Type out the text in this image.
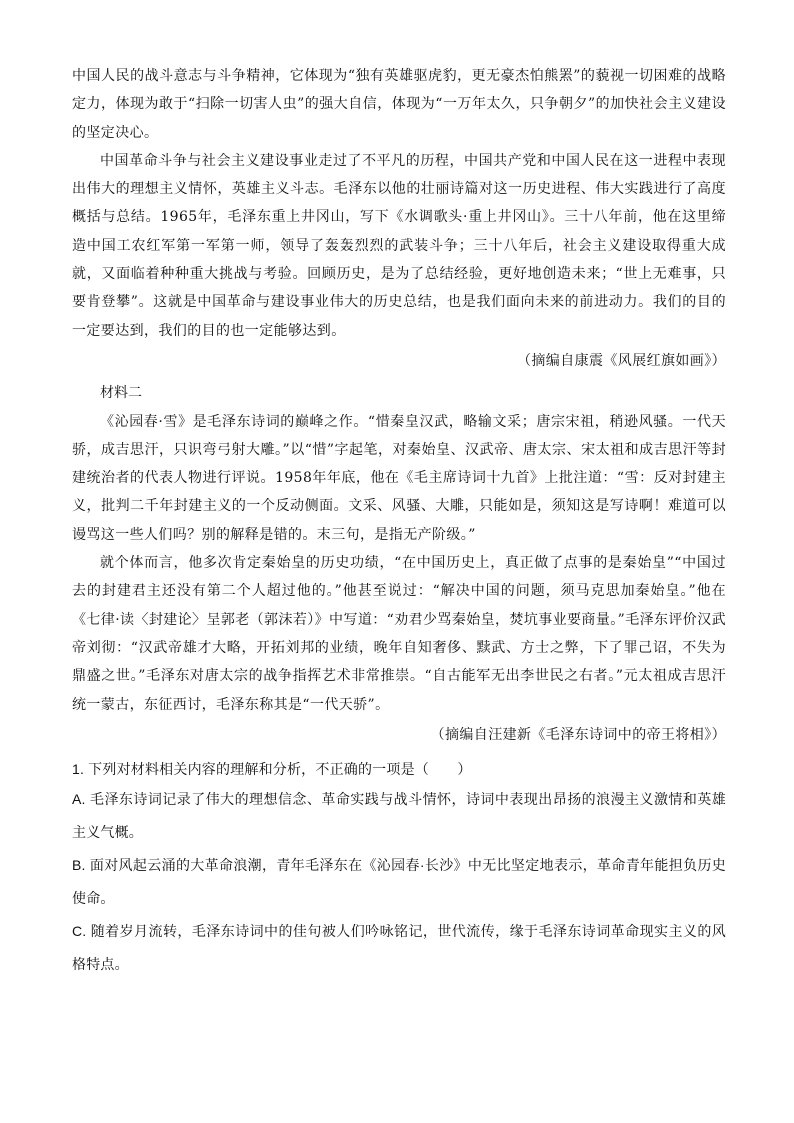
中国人民的战斗意志与斗争精神，它体现为“独有英雄驱虎豹，更无豪杰怕熊罴”的藐视一切困难的战略定力，体现为敢于“扫除一切害人虫”的强大自信，体现为“一万年太久，只争朝夕”的加快社会主义建设的坚定决心。

中国革命斗争与社会主义建设事业走过了不平凡的历程，中国共产党和中国人民在这一进程中表现出伟大的理想主义情怀，英雄主义斗志。毛泽东以他的壮丽诗篇对这一历史进程、伟大实践进行了高度概括与总结。1965年，毛泽东重上井冈山，写下《水调歌头·重上井冈山》。三十八年前，他在这里缔造中国工农红军第一军第一师，领导了轰轰烈烈的武装斗争；三十八年后，社会主义建设取得重大成就，又面临着种种重大挑战与考验。回顾历史，是为了总结经验，更好地创造未来；“世上无难事，只要肯登攀”。这就是中国革命与建设事业伟大的历史总结，也是我们面向未来的前进动力。我们的目的一定要达到，我们的目的也一定能够达到。

（摘编自康震《风展红旗如画》）

材料二

《沁园春·雪》是毛泽东诗词的巅峰之作。“惜秦皇汉武，略输文采；唐宗宋祖，稍逊风骚。一代天骄，成吉思汗，只识弯弓射大雕。”以“惜”字起笔，对秦始皇、汉武帝、唐太宗、宋太祖和成吉思汗等封建统治者的代表人物进行评说。1958年年底，他在《毛主席诗词十九首》上批注道：“雪：反对封建主义，批判二千年封建主义的一个反动侧面。文采、风骚、大雕，只能如是，须知这是写诗啊！难道可以谩骂这一些人们吗？别的解释是错的。末三句，是指无产阶级。”

就个体而言，他多次肯定秦始皇的历史功绩，“在中国历史上，真正做了点事的是秦始皇”“中国过去的封建君主还没有第二个人超过他的。”他甚至说过：“解决中国的问题，须马克思加秦始皇。”他在《七律·读〈封建论〉呈郭老（郭沫若）》中写道：“劝君少骂秦始皇，焚坑事业要商量。”毛泽东评价汉武帝刘彻：“汉武帝雄才大略，开拓刘邦的业绩，晚年自知奢侈、黩武、方士之弊，下了罪己诏，不失为鼎盛之世。”毛泽东对唐太宗的战争指挥艺术非常推崇。“自古能军无出李世民之右者。”元太祖成吉思汗统一蒙古，东征西讨，毛泽东称其是“一代天骄”。

（摘编自汪建新《毛泽东诗词中的帝王将相》）

1. 下列对材料相关内容的理解和分析，不正确的一项是（　　）

A. 毛泽东诗词记录了伟大的理想信念、革命实践与战斗情怀，诗词中表现出昂扬的浪漫主义激情和英雄主义气概。

B. 面对风起云涌的大革命浪潮，青年毛泽东在《沁园春·长沙》中无比坚定地表示，革命青年能担负历史使命。

C. 随着岁月流转，毛泽东诗词中的佳句被人们吟咏铭记，世代流传，缘于毛泽东诗词革命现实主义的风格特点。
